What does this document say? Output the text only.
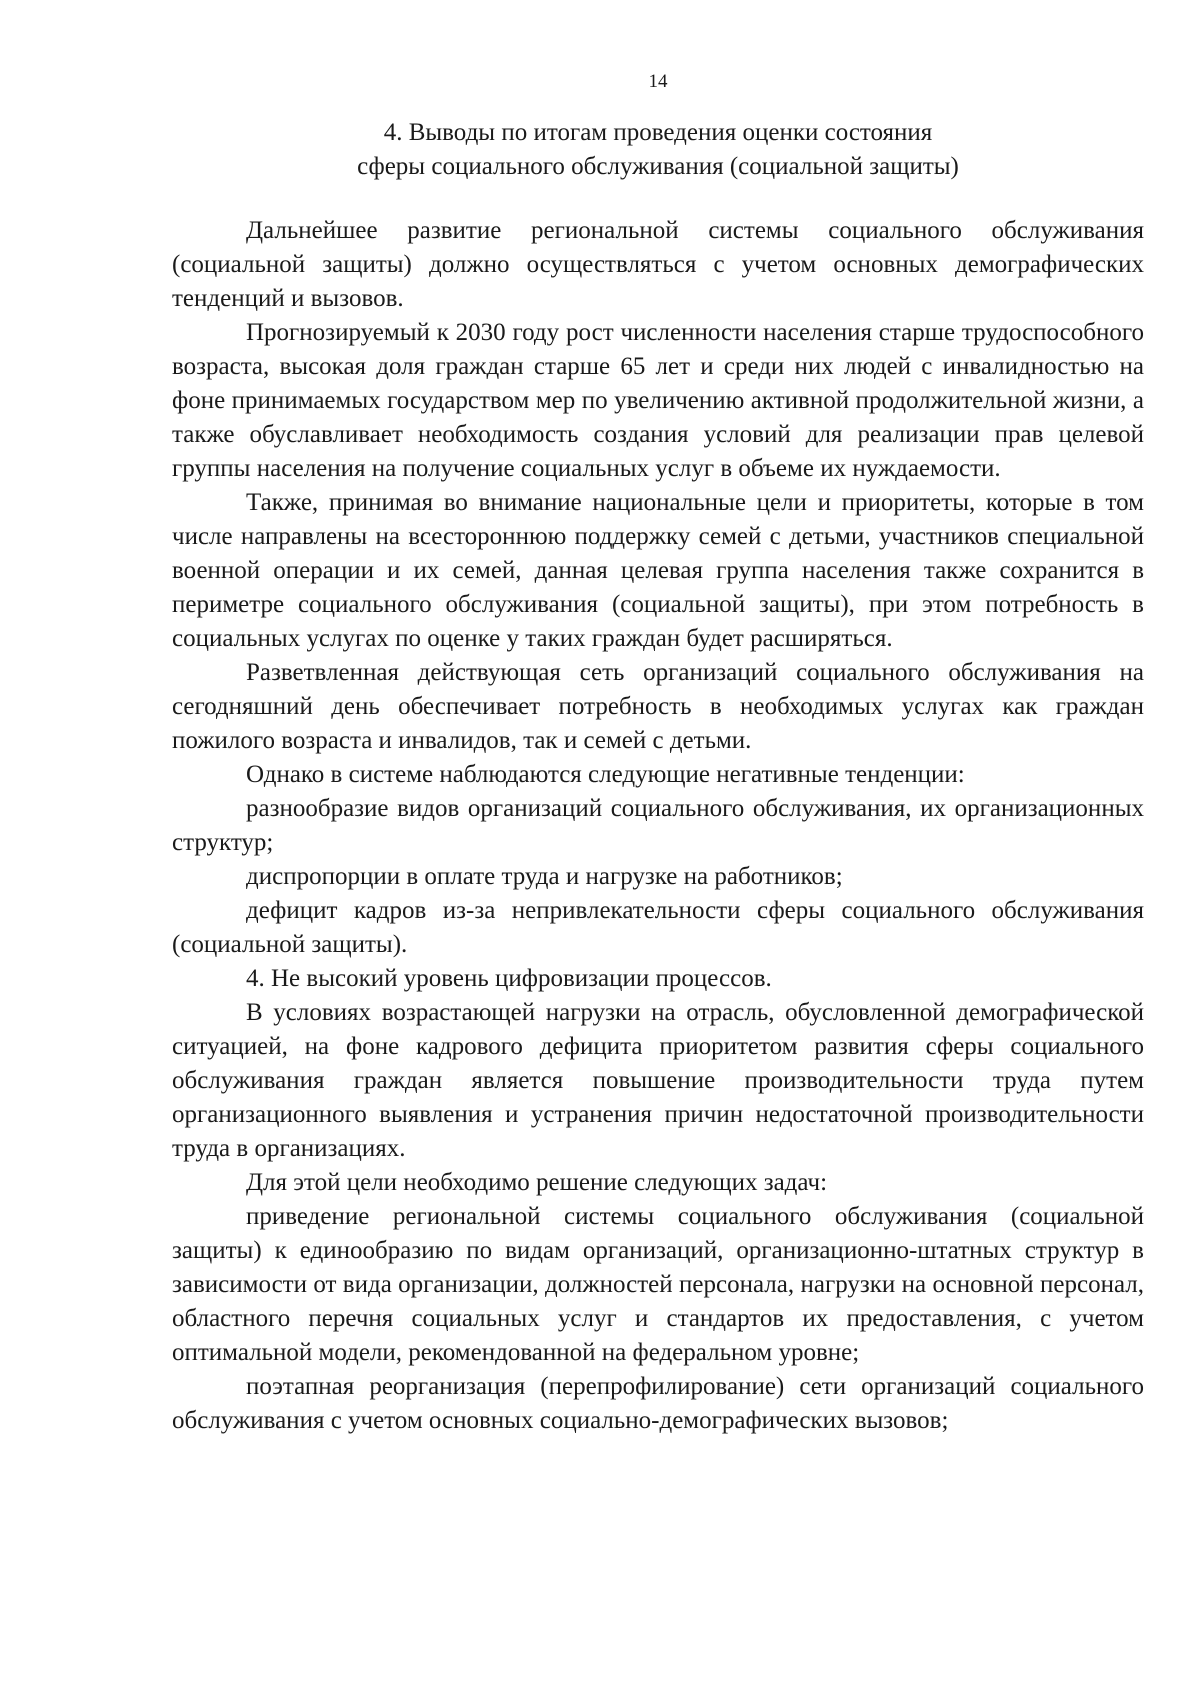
14
4. Выводы по итогам проведения оценки состояния
сферы социального обслуживания (социальной защиты)

Дальнейшее развитие региональной системы социального обслуживания (социальной защиты) должно осуществляться с учетом основных демографических тенденций и вызовов.

Прогнозируемый к 2030 году рост численности населения старше трудоспособного возраста, высокая доля граждан старше 65 лет и среди них людей с инвалидностью на фоне принимаемых государством мер по увеличению активной продолжительной жизни, а также обуславливает необходимость создания условий для реализации прав целевой группы населения на получение социальных услуг в объеме их нуждаемости.

Также, принимая во внимание национальные цели и приоритеты, которые в том числе направлены на всестороннюю поддержку семей с детьми, участников специальной военной операции и их семей, данная целевая группа населения также сохранится в периметре социального обслуживания (социальной защиты), при этом потребность в социальных услугах по оценке у таких граждан будет расширяться.

Разветвленная действующая сеть организаций социального обслуживания на сегодняшний день обеспечивает потребность в необходимых услугах как граждан пожилого возраста и инвалидов, так и семей с детьми.

Однако в системе наблюдаются следующие негативные тенденции:

разнообразие видов организаций социального обслуживания, их организационных структур;

диспропорции в оплате труда и нагрузке на работников;

дефицит кадров из-за непривлекательности сферы социального обслуживания (социальной защиты).

4. Не высокий уровень цифровизации процессов.

В условиях возрастающей нагрузки на отрасль, обусловленной демографической ситуацией, на фоне кадрового дефицита приоритетом развития сферы социального обслуживания граждан является повышение производительности труда путем организационного выявления и устранения причин недостаточной производительности труда в организациях.

Для этой цели необходимо решение следующих задач:

приведение региональной системы социального обслуживания (социальной защиты) к единообразию по видам организаций, организационно-штатных структур в зависимости от вида организации, должностей персонала, нагрузки на основной персонал, областного перечня социальных услуг и стандартов их предоставления, с учетом оптимальной модели, рекомендованной на федеральном уровне;

поэтапная реорганизация (перепрофилирование) сети организаций социального обслуживания с учетом основных социально-демографических вызовов;
